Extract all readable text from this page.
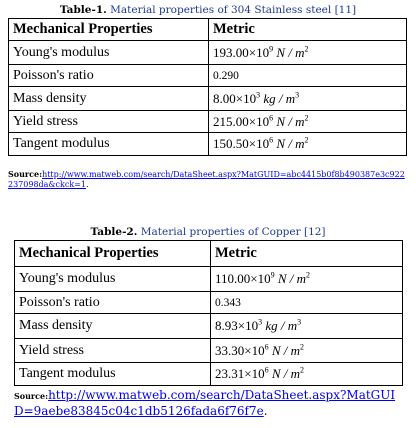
Table-1. Material properties of 304 Stainless steel [11]
Mechanical Properties	Metric
Young's modulus	$193.00\times 10^9$ N / $m^2$
Poisson's ratio	0.290
Mass density	$8.00\times 10^3$ kg / $m^3$
Yield stress	$215.00\times 10^6$ N / $m^2$
Tangent modulus	$150.50\times 10^6$ N / $m^2$
Source:http://www.matweb.com/search/DataSheet.aspx?MatGUID=abc4415b0f8b490387e3c922237098da&ckck=1.
Table-2. Material properties of Copper [12]
Mechanical Properties	Metric
Young's modulus	$110.00\times 10^9$ N / $m^2$
Poisson's ratio	0.343
Mass density	$8.93\times 10^3$ kg / $m^3$
Yield stress	$33.30\times 10^6$ N / $m^2$
Tangent modulus	$23.31\times 10^6$ N / $m^2$
Source:http://www.matweb.com/search/DataSheet.aspx?MatGUID=9aebe83845c04c1db5126fada6f76f7e.
